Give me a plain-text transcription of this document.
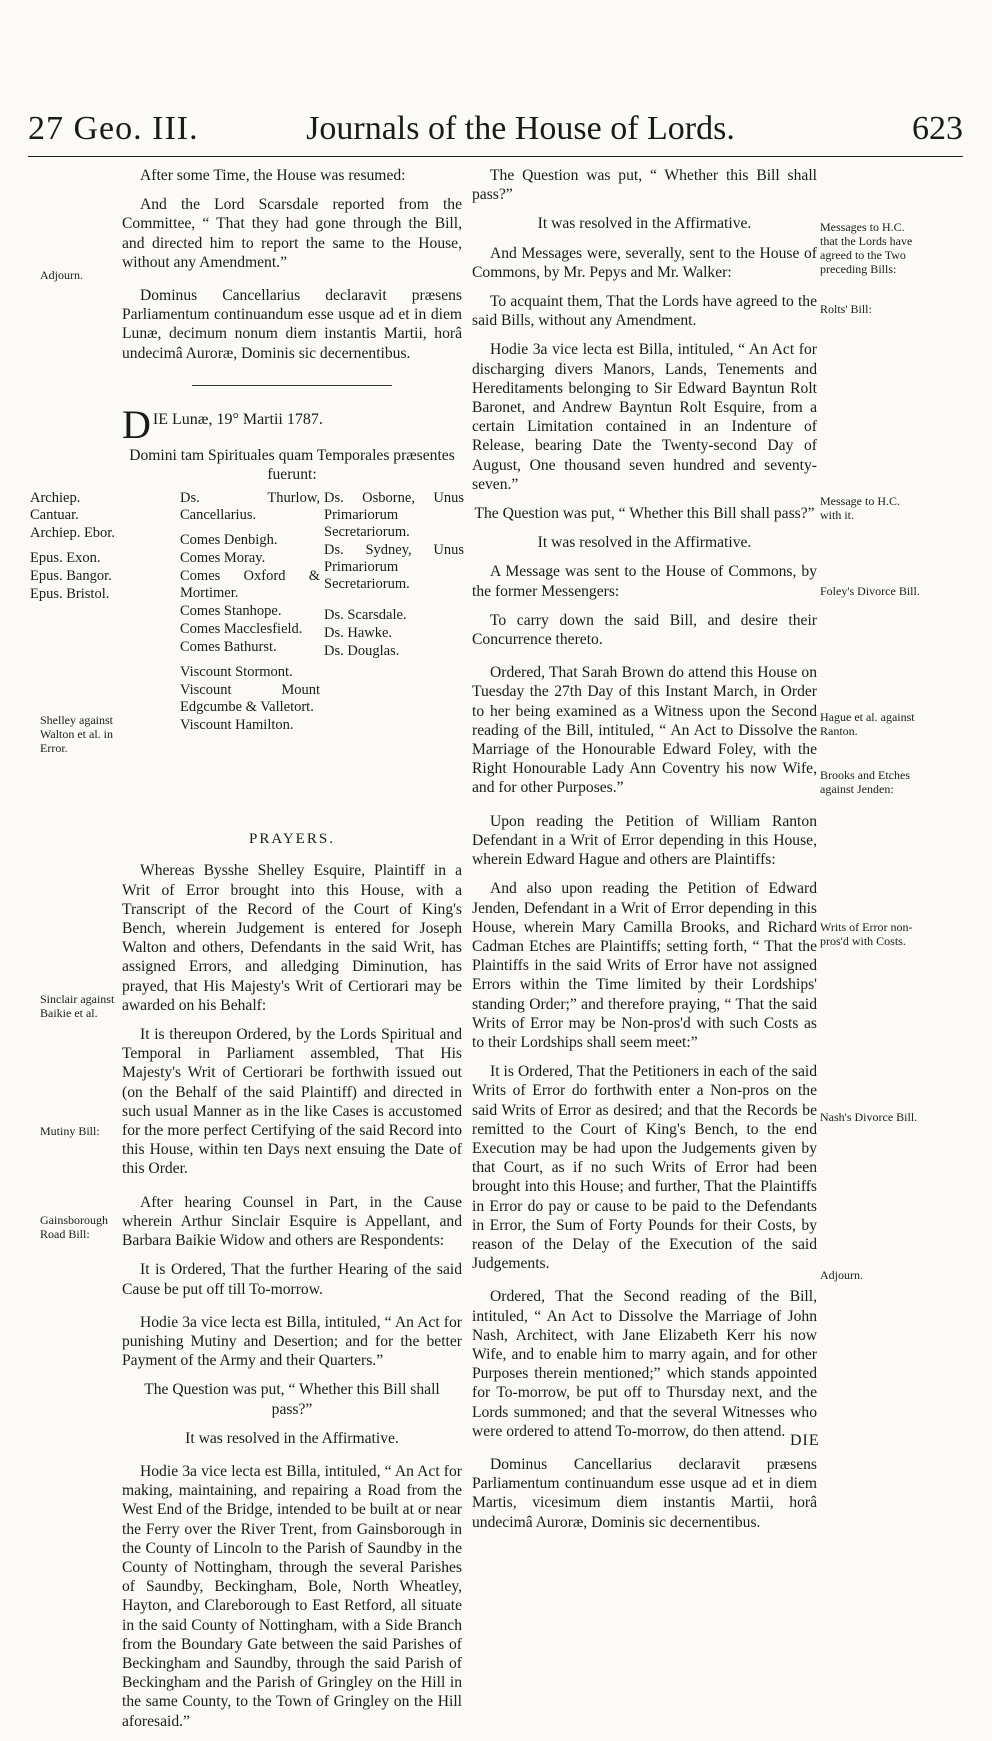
27 Geo. III.	Journals of the House of Lords.	623
Adjourn.
Shelley against Walton et al. in Error.
Sinclair against Baikie et al.
Mutiny Bill:
Gainsborough Road Bill:
Messages to H.C. that the Lords have agreed to the Two preceding Bills:
Rolts' Bill:
Message to H.C. with it.
Foley's Divorce Bill.
Hague et al. against Ranton.
Brooks and Etches against Jenden:
Writs of Error non-pros'd with Costs.
Nash's Divorce Bill.
Adjourn.

After some Time, the House was resumed:

And the Lord Scarsdale reported from the Committee, “ That they had gone through the Bill, and directed him to report the same to the House, without any Amendment.”

Dominus Cancellarius declaravit præsens Parliamentum continuandum esse usque ad et in diem Lunæ, decimum nonum diem instantis Martii, horâ undecimâ Auroræ, Dominis sic decernentibus.

DIE Lunæ, 19° Martii 1787.

Domini tam Spirituales quam Temporales præsentes fuerunt:

Archiep. Cantuar.
Archiep. Ebor.
Epus. Exon.
Epus. Bangor.
Epus. Bristol.
Ds. Thurlow, Cancellarius.
Comes Denbigh.
Comes Moray.
Comes Oxford & Mortimer.
Comes Stanhope.
Comes Macclesfield.
Comes Bathurst.
Viscount Stormont.
Viscount Mount Edgcumbe & Valletort.
Viscount Hamilton.
Ds. Osborne, Unus Primariorum Secretariorum.
Ds. Sydney, Unus Primariorum Secretariorum.
Ds. Scarsdale.
Ds. Hawke.
Ds. Douglas.

PRAYERS.

Whereas Bysshe Shelley Esquire, Plaintiff in a Writ of Error brought into this House, with a Transcript of the Record of the Court of King's Bench, wherein Judgement is entered for Joseph Walton and others, Defendants in the said Writ, has assigned Errors, and alledging Diminution, has prayed, that His Majesty's Writ of Certiorari may be awarded on his Behalf:

It is thereupon Ordered, by the Lords Spiritual and Temporal in Parliament assembled, That His Majesty's Writ of Certiorari be forthwith issued out (on the Behalf of the said Plaintiff) and directed in such usual Manner as in the like Cases is accustomed for the more perfect Certifying of the said Record into this House, within ten Days next ensuing the Date of this Order.

After hearing Counsel in Part, in the Cause wherein Arthur Sinclair Esquire is Appellant, and Barbara Baikie Widow and others are Respondents:

It is Ordered, That the further Hearing of the said Cause be put off till To-morrow.

Hodie 3a vice lecta est Billa, intituled, “ An Act for punishing Mutiny and Desertion; and for the better Payment of the Army and their Quarters.”

The Question was put, “ Whether this Bill shall pass?”

It was resolved in the Affirmative.

Hodie 3a vice lecta est Billa, intituled, “ An Act for making, maintaining, and repairing a Road from the West End of the Bridge, intended to be built at or near the Ferry over the River Trent, from Gainsborough in the County of Lincoln to the Parish of Saundby in the County of Nottingham, through the several Parishes of Saundby, Beckingham, Bole, North Wheatley, Hayton, and Clareborough to East Retford, all situate in the said County of Nottingham, with a Side Branch from the Boundary Gate between the said Parishes of Beckingham and Saundby, through the said Parish of Beckingham and the Parish of Gringley on the Hill in the same County, to the Town of Gringley on the Hill aforesaid.”

The Question was put, “ Whether this Bill shall pass?”

It was resolved in the Affirmative.

And Messages were, severally, sent to the House of Commons, by Mr. Pepys and Mr. Walker:

To acquaint them, That the Lords have agreed to the said Bills, without any Amendment.

Hodie 3a vice lecta est Billa, intituled, “ An Act for discharging divers Manors, Lands, Tenements and Hereditaments belonging to Sir Edward Bayntun Rolt Baronet, and Andrew Bayntun Rolt Esquire, from a certain Limitation contained in an Indenture of Release, bearing Date the Twenty-second Day of August, One thousand seven hundred and seventy-seven.”

The Question was put, “ Whether this Bill shall pass?”

It was resolved in the Affirmative.

A Message was sent to the House of Commons, by the former Messengers:

To carry down the said Bill, and desire their Concurrence thereto.

Ordered, That Sarah Brown do attend this House on Tuesday the 27th Day of this Instant March, in Order to her being examined as a Witness upon the Second reading of the Bill, intituled, “ An Act to Dissolve the Marriage of the Honourable Edward Foley, with the Right Honourable Lady Ann Coventry his now Wife, and for other Purposes.”

Upon reading the Petition of William Ranton Defendant in a Writ of Error depending in this House, wherein Edward Hague and others are Plaintiffs:

And also upon reading the Petition of Edward Jenden, Defendant in a Writ of Error depending in this House, wherein Mary Camilla Brooks, and Richard Cadman Etches are Plaintiffs; setting forth, “ That the Plaintiffs in the said Writs of Error have not assigned Errors within the Time limited by their Lordships' standing Order;” and therefore praying, “ That the said Writs of Error may be Non-pros'd with such Costs as to their Lordships shall seem meet:”

It is Ordered, That the Petitioners in each of the said Writs of Error do forthwith enter a Non-pros on the said Writs of Error as desired; and that the Records be remitted to the Court of King's Bench, to the end Execution may be had upon the Judgements given by that Court, as if no such Writs of Error had been brought into this House; and further, That the Plaintiffs in Error do pay or cause to be paid to the Defendants in Error, the Sum of Forty Pounds for their Costs, by reason of the Delay of the Execution of the said Judgements.

Ordered, That the Second reading of the Bill, intituled, “ An Act to Dissolve the Marriage of John Nash, Architect, with Jane Elizabeth Kerr his now Wife, and to enable him to marry again, and for other Purposes therein mentioned;” which stands appointed for To-morrow, be put off to Thursday next, and the Lords summoned; and that the several Witnesses who were ordered to attend To-morrow, do then attend.

Dominus Cancellarius declaravit præsens Parliamentum continuandum esse usque ad et in diem Martis, vicesimum diem instantis Martii, horâ undecimâ Auroræ, Dominis sic decernentibus.

DIE
